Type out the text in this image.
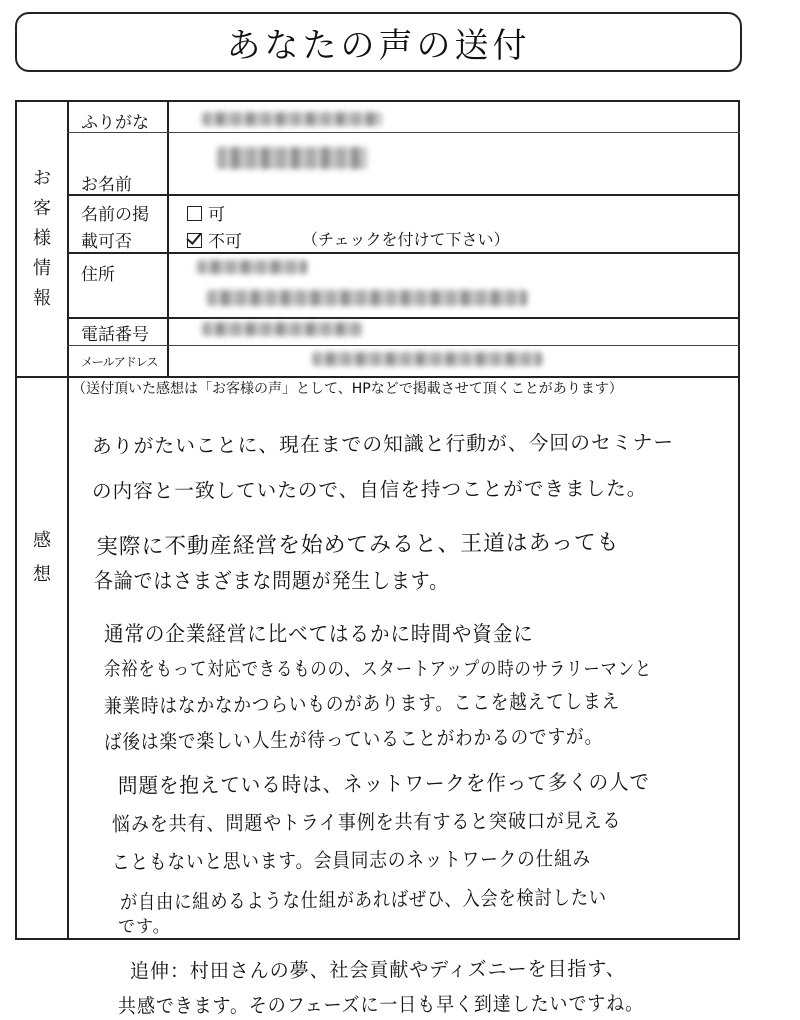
あなたの声の送付
お
客
様
情
報
ふりがな
お名前
名前の掲
載可否
住所
電話番号
メールアドレス
可
不可	（チェックを付けて下さい）
感
想
（送付頂いた感想は「お客様の声」として、HPなどで掲載させて頂くことがあります）
ありがたいことに、現在までの知識と行動が、今回のセミナー
の内容と一致していたので、自信を持つことができました。
実際に不動産経営を始めてみると、王道はあっても
各論ではさまざまな問題が発生します。
通常の企業経営に比べてはるかに時間や資金に
余裕をもって対応できるものの、スタートアップの時のサラリーマンと
兼業時はなかなかつらいものがあります。ここを越えてしまえ
ば後は楽で楽しい人生が待っていることがわかるのですが。
問題を抱えている時は、ネットワークを作って多くの人で
悩みを共有、問題やトライ事例を共有すると突破口が見える
こともないと思います。会員同志のネットワークの仕組み
が自由に組めるような仕組があればぜひ、入会を検討したい
です。
追伸：村田さんの夢、社会貢献やディズニーを目指す、
共感できます。そのフェーズに一日も早く到達したいですね。
